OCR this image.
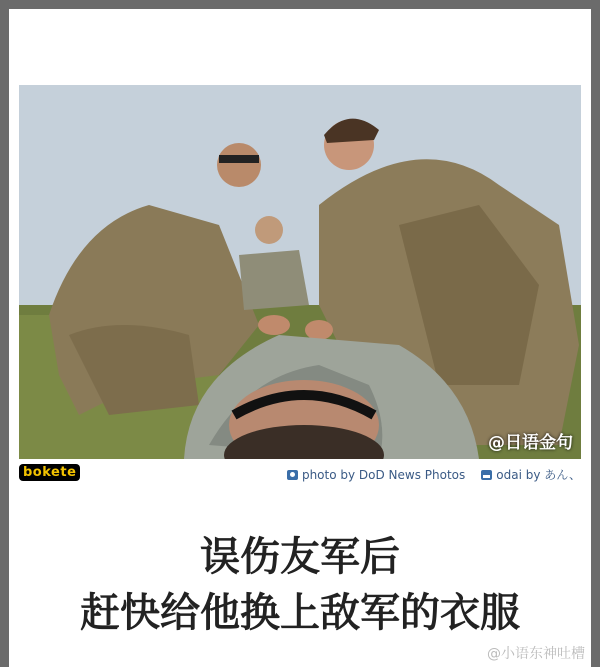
@日语金句
bokete	photo by DoD News Photos	odai by あん、
误伤友军后
赶快给他换上敌军的衣服
@小语东神吐槽
